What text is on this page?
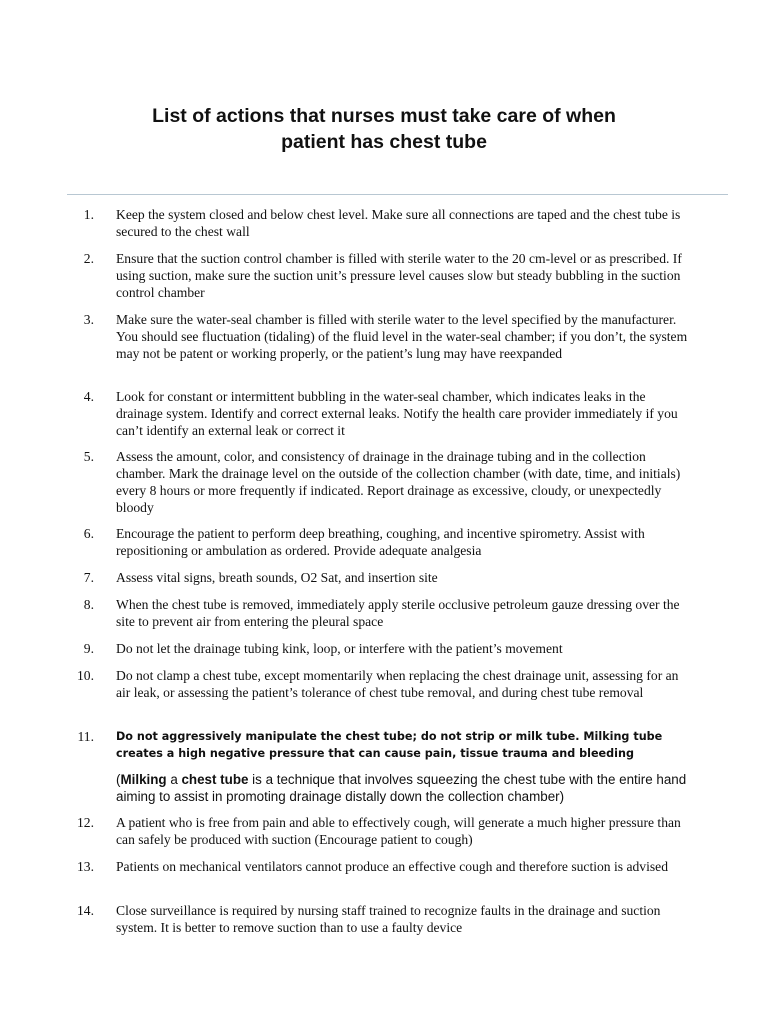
List of actions that nurses must take care of when
patient has chest tube
1. Keep the system closed and below chest level. Make sure all connections are taped and the chest tube is secured to the chest wall
2. Ensure that the suction control chamber is filled with sterile water to the 20 cm-level or as prescribed. If using suction, make sure the suction unit’s pressure level causes slow but steady bubbling in the suction control chamber
3. Make sure the water-seal chamber is filled with sterile water to the level specified by the manufacturer. You should see fluctuation (tidaling) of the fluid level in the water-seal chamber; if you don’t, the system may not be patent or working properly, or the patient’s lung may have reexpanded
4. Look for constant or intermittent bubbling in the water-seal chamber, which indicates leaks in the drainage system. Identify and correct external leaks. Notify the health care provider immediately if you can’t identify an external leak or correct it
5. Assess the amount, color, and consistency of drainage in the drainage tubing and in the collection chamber. Mark the drainage level on the outside of the collection chamber (with date, time, and initials) every 8 hours or more frequently if indicated. Report drainage as excessive, cloudy, or unexpectedly bloody
6. Encourage the patient to perform deep breathing, coughing, and incentive spirometry. Assist with repositioning or ambulation as ordered. Provide adequate analgesia
7. Assess vital signs, breath sounds, O2 Sat, and insertion site
8. When the chest tube is removed, immediately apply sterile occlusive petroleum gauze dressing over the site to prevent air from entering the pleural space
9. Do not let the drainage tubing kink, loop, or interfere with the patient’s movement
10. Do not clamp a chest tube, except momentarily when replacing the chest drainage unit, assessing for an air leak, or assessing the patient’s tolerance of chest tube removal, and during chest tube removal
11. Do not aggressively manipulate the chest tube; do not strip or milk tube. Milking tube creates a high negative pressure that can cause pain, tissue trauma and bleeding
(Milking a chest tube is a technique that involves squeezing the chest tube with the entire hand aiming to assist in promoting drainage distally down the collection chamber)
12. A patient who is free from pain and able to effectively cough, will generate a much higher pressure than can safely be produced with suction (Encourage patient to cough)
13. Patients on mechanical ventilators cannot produce an effective cough and therefore suction is advised
14. Close surveillance is required by nursing staff trained to recognize faults in the drainage and suction system. It is better to remove suction than to use a faulty device
